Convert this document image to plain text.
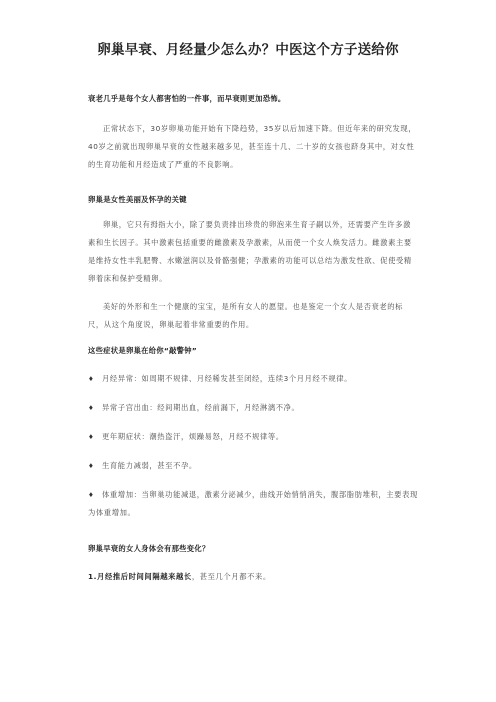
卵巢早衰、月经量少怎么办？中医这个方子送给你
衰老几乎是每个女人都害怕的一件事，而早衰则更加恐怖。
正常状态下，30岁卵巢功能开始有下降趋势，35岁以后加速下降。但近年来的研究发现，40岁之前就出现卵巢早衰的女性越来越多见，甚至连十几、二十岁的女孩也跻身其中，对女性的生育功能和月经造成了严重的不良影响。
卵巢是女性美丽及怀孕的关键
卵巢，它只有拇指大小，除了要负责排出珍贵的卵泡来生育子嗣以外，还需要产生许多激素和生长因子。其中激素包括重要的雌激素及孕激素，从而使一个女人焕发活力。雌激素主要是维持女性丰乳肥臀、水嫩滋润以及骨骼强健；孕激素的功能可以总结为激发性欲、促使受精卵着床和保护受精卵。
美好的外形和生一个健康的宝宝，是所有女人的愿望。也是鉴定一个女人是否衰老的标尺，从这个角度说，卵巢起着非常重要的作用。
这些症状是卵巢在给你“敲警钟”
♦ 月经异常：如周期不规律、月经稀发甚至闭经，连续3个月月经不规律。
♦ 异常子宫出血：经间期出血，经前漏下，月经淋漓不净。
♦ 更年期症状：潮热盗汗，烦躁易怒，月经不规律等。
♦ 生育能力减弱，甚至不孕。
♦ 体重增加：当卵巢功能减退，激素分泌减少，曲线开始悄悄消失，腹部脂肪堆积，主要表现为体重增加。
卵巢早衰的女人身体会有那些变化？
1.月经推后时间间隔越来越长，甚至几个月都不来。
